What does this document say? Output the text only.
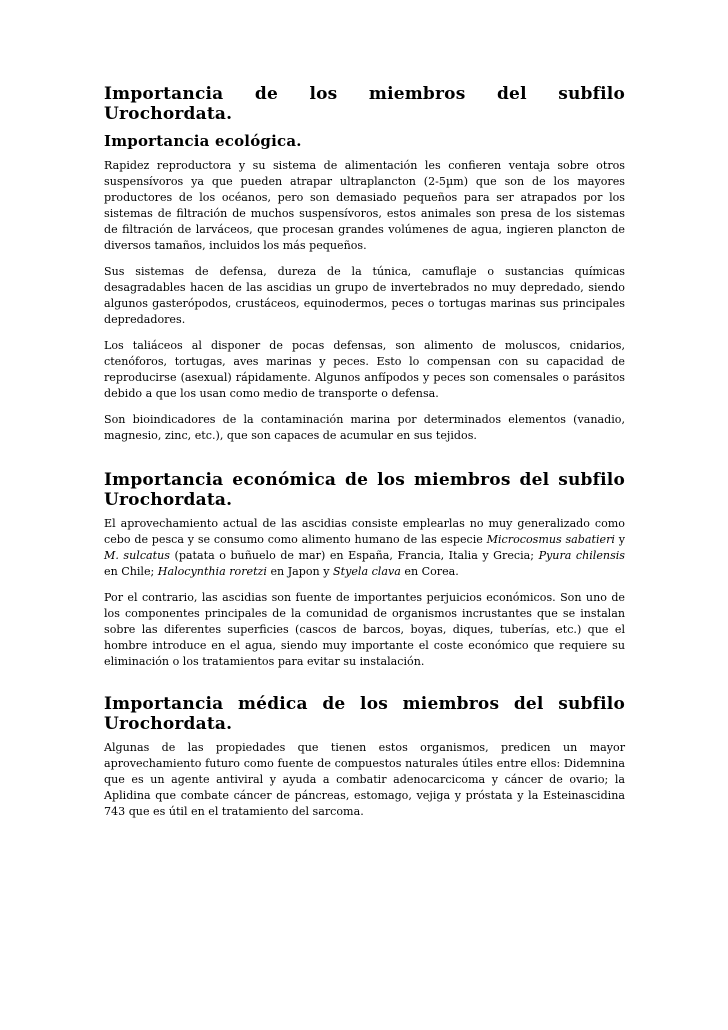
Importancia de los miembros del subfilo Urochordata.
Importancia ecológica.

Rapidez reproductora y su sistema de alimentación les confieren ventaja sobre otros suspensívoros ya que pueden atrapar ultraplancton (2-5µm) que son de los mayores productores de los océanos, pero son demasiado pequeños para ser atrapados por los sistemas de filtración de muchos suspensívoros, estos animales son presa de los sistemas de filtración de larváceos, que procesan grandes volúmenes de agua, ingieren plancton de diversos tamaños, incluidos los más pequeños.

Sus sistemas de defensa, dureza de la túnica, camuflaje o sustancias químicas desagradables hacen de las ascidias un grupo de invertebrados no muy depredado, siendo algunos gasterópodos, crustáceos, equinodermos, peces o tortugas marinas sus principales depredadores.

Los taliáceos al disponer de pocas defensas, son alimento de moluscos, cnidarios, ctenóforos, tortugas, aves marinas y peces. Esto lo compensan con su capacidad de reproducirse (asexual) rápidamente. Algunos anfípodos y peces son comensales o parásitos debido a que los usan como medio de transporte o defensa.

Son bioindicadores de la contaminación marina por determinados elementos (vanadio, magnesio, zinc, etc.), que son capaces de acumular en sus tejidos.

Importancia económica de los miembros del subfilo Urochordata.

El aprovechamiento actual de las ascidias consiste emplearlas no muy generalizado como cebo de pesca y se consumo como alimento humano de las especie Microcosmus sabatieri y M. sulcatus (patata o buñuelo de mar) en España, Francia, Italia y Grecia; Pyura chilensis en Chile; Halocynthia roretzi en Japon y Styela clava en Corea.

Por el contrario, las ascidias son fuente de importantes perjuicios económicos. Son uno de los componentes principales de la comunidad de organismos incrustantes que se instalan sobre las diferentes superficies (cascos de barcos, boyas, diques, tuberías, etc.) que el hombre introduce en el agua, siendo muy importante el coste económico que requiere su eliminación o los tratamientos para evitar su instalación.

Importancia médica de los miembros del subfilo Urochordata.

Algunas de las propiedades que tienen estos organismos, predicen un mayor aprovechamiento futuro como fuente de compuestos naturales útiles entre ellos: Didemnina que es un agente antiviral y ayuda a combatir adenocarcicoma y cáncer de ovario; la Aplidina que combate cáncer de páncreas, estomago, vejiga y próstata y la Esteinascidina 743 que es útil en el tratamiento del sarcoma.
